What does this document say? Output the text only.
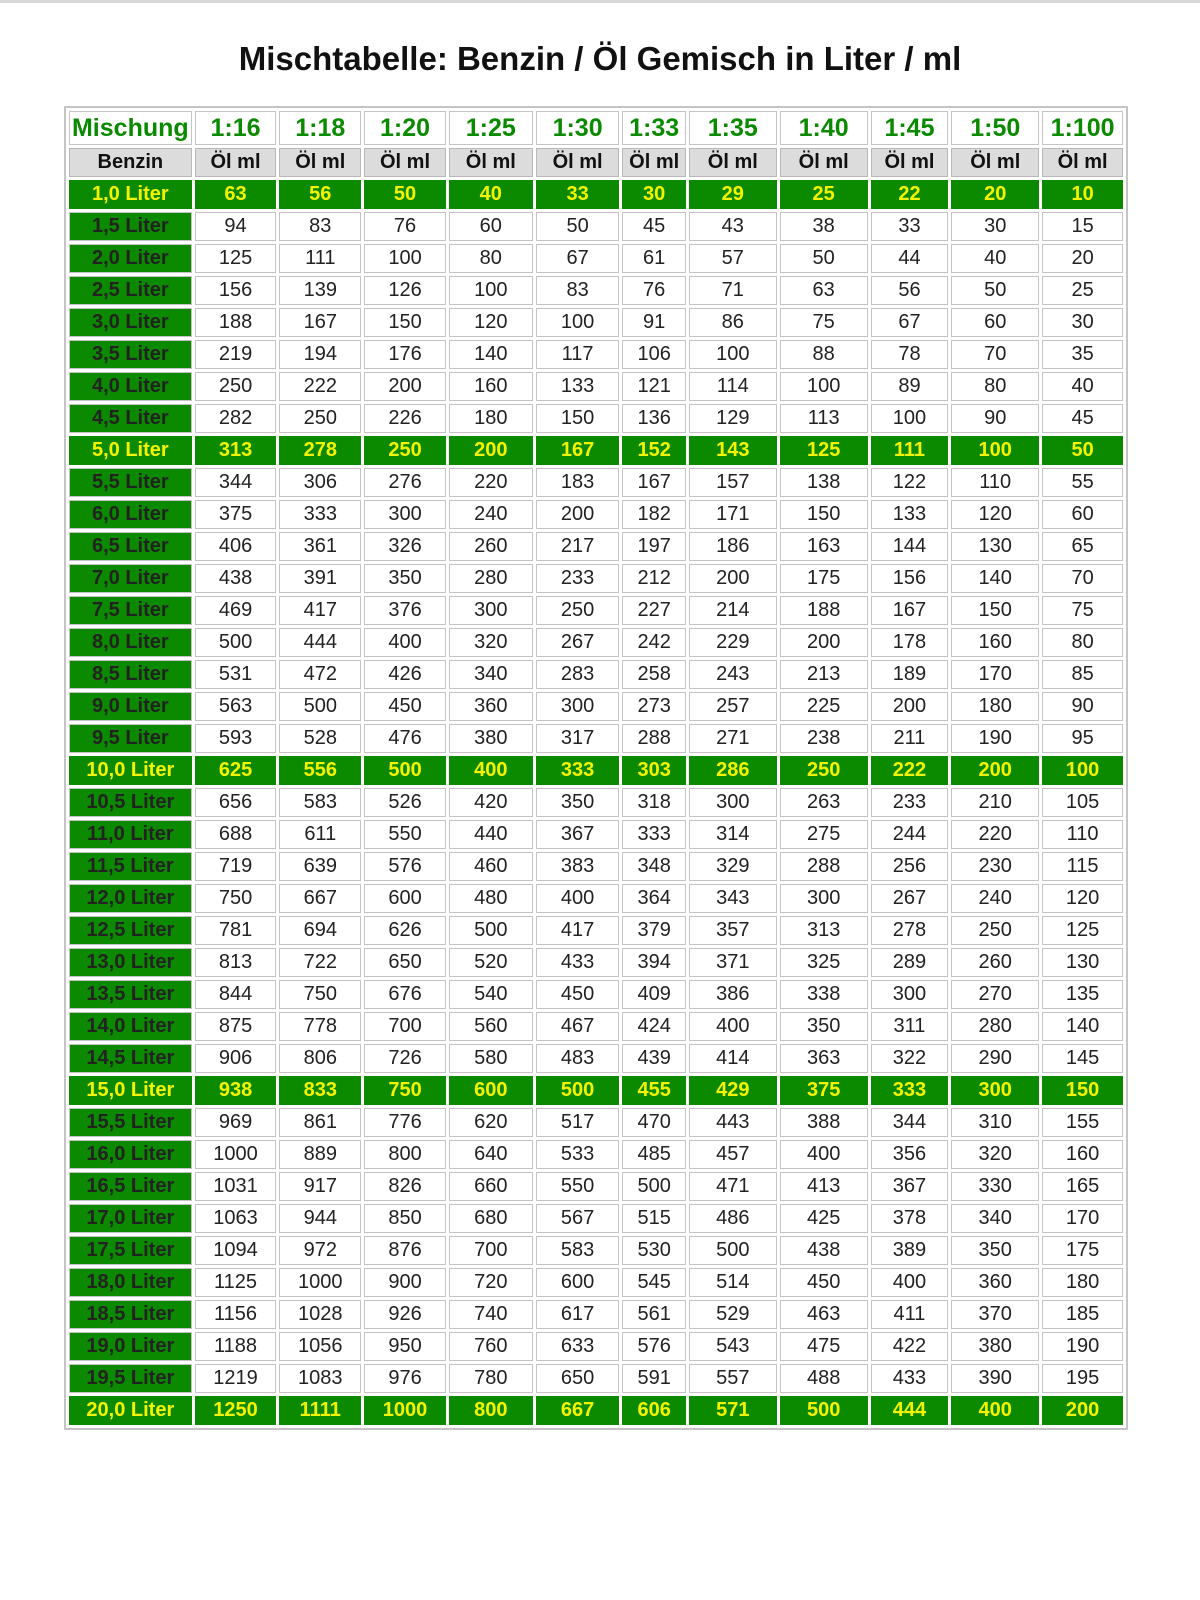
Mischtabelle: Benzin / Öl Gemisch in Liter / ml
Mischung	1:16	1:18	1:20	1:25	1:30	1:33	1:35	1:40	1:45	1:50	1:100
Benzin	Öl ml	Öl ml	Öl ml	Öl ml	Öl ml	Öl ml	Öl ml	Öl ml	Öl ml	Öl ml	Öl ml
1,0 Liter	63	56	50	40	33	30	29	25	22	20	10
1,5 Liter	94	83	76	60	50	45	43	38	33	30	15
2,0 Liter	125	111	100	80	67	61	57	50	44	40	20
2,5 Liter	156	139	126	100	83	76	71	63	56	50	25
3,0 Liter	188	167	150	120	100	91	86	75	67	60	30
3,5 Liter	219	194	176	140	117	106	100	88	78	70	35
4,0 Liter	250	222	200	160	133	121	114	100	89	80	40
4,5 Liter	282	250	226	180	150	136	129	113	100	90	45
5,0 Liter	313	278	250	200	167	152	143	125	111	100	50
5,5 Liter	344	306	276	220	183	167	157	138	122	110	55
6,0 Liter	375	333	300	240	200	182	171	150	133	120	60
6,5 Liter	406	361	326	260	217	197	186	163	144	130	65
7,0 Liter	438	391	350	280	233	212	200	175	156	140	70
7,5 Liter	469	417	376	300	250	227	214	188	167	150	75
8,0 Liter	500	444	400	320	267	242	229	200	178	160	80
8,5 Liter	531	472	426	340	283	258	243	213	189	170	85
9,0 Liter	563	500	450	360	300	273	257	225	200	180	90
9,5 Liter	593	528	476	380	317	288	271	238	211	190	95
10,0 Liter	625	556	500	400	333	303	286	250	222	200	100
10,5 Liter	656	583	526	420	350	318	300	263	233	210	105
11,0 Liter	688	611	550	440	367	333	314	275	244	220	110
11,5 Liter	719	639	576	460	383	348	329	288	256	230	115
12,0 Liter	750	667	600	480	400	364	343	300	267	240	120
12,5 Liter	781	694	626	500	417	379	357	313	278	250	125
13,0 Liter	813	722	650	520	433	394	371	325	289	260	130
13,5 Liter	844	750	676	540	450	409	386	338	300	270	135
14,0 Liter	875	778	700	560	467	424	400	350	311	280	140
14,5 Liter	906	806	726	580	483	439	414	363	322	290	145
15,0 Liter	938	833	750	600	500	455	429	375	333	300	150
15,5 Liter	969	861	776	620	517	470	443	388	344	310	155
16,0 Liter	1000	889	800	640	533	485	457	400	356	320	160
16,5 Liter	1031	917	826	660	550	500	471	413	367	330	165
17,0 Liter	1063	944	850	680	567	515	486	425	378	340	170
17,5 Liter	1094	972	876	700	583	530	500	438	389	350	175
18,0 Liter	1125	1000	900	720	600	545	514	450	400	360	180
18,5 Liter	1156	1028	926	740	617	561	529	463	411	370	185
19,0 Liter	1188	1056	950	760	633	576	543	475	422	380	190
19,5 Liter	1219	1083	976	780	650	591	557	488	433	390	195
20,0 Liter	1250	1111	1000	800	667	606	571	500	444	400	200
